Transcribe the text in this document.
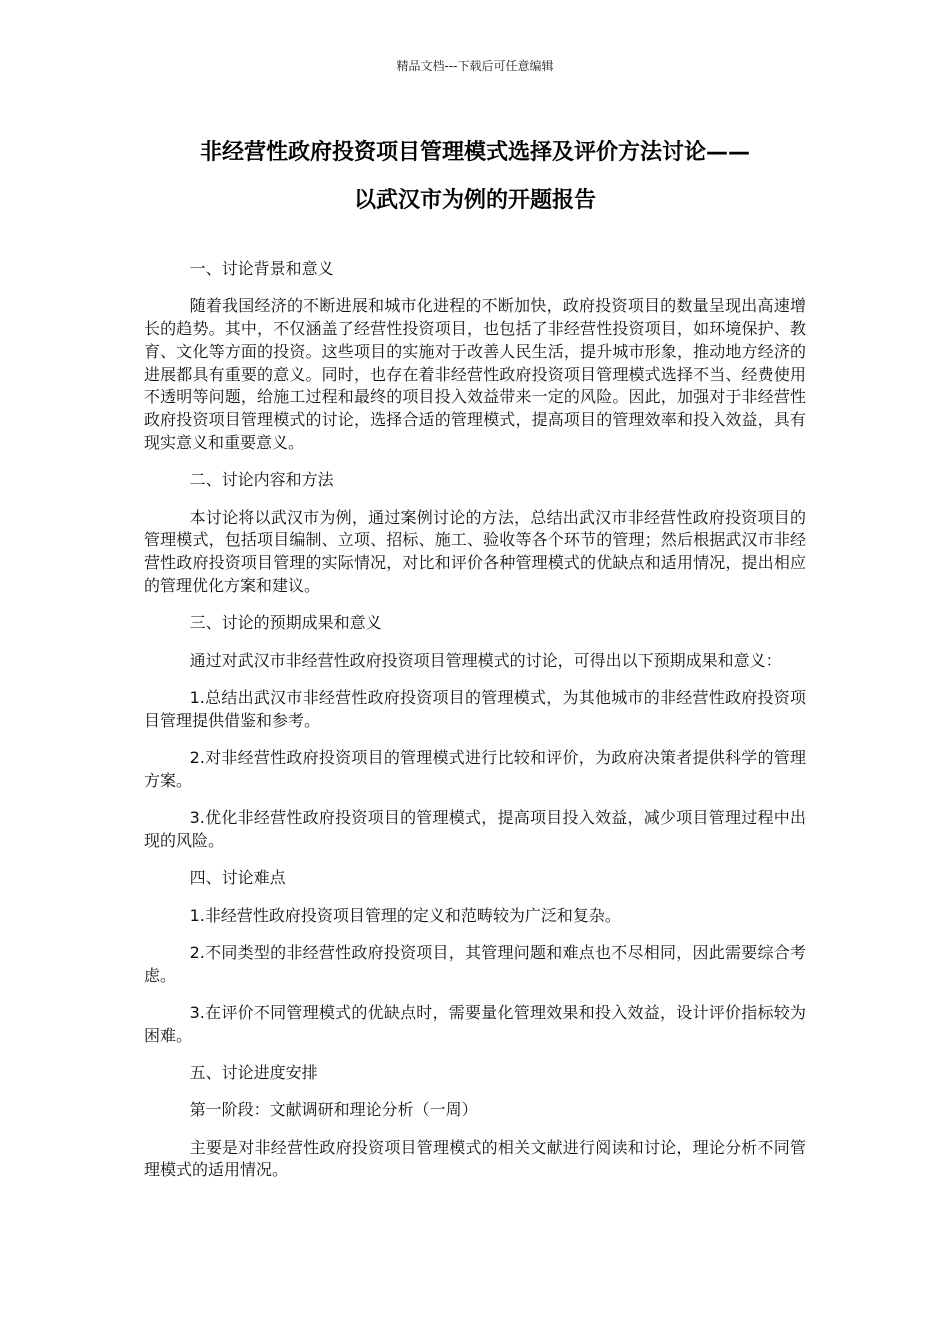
精品文档---下载后可任意编辑
非经营性政府投资项目管理模式选择及评价方法讨论——
以武汉市为例的开题报告

一、讨论背景和意义

随着我国经济的不断进展和城市化进程的不断加快，政府投资项目的数量呈现出高速增长的趋势。其中，不仅涵盖了经营性投资项目，也包括了非经营性投资项目，如环境保护、教育、文化等方面的投资。这些项目的实施对于改善人民生活，提升城市形象，推动地方经济的进展都具有重要的意义。同时，也存在着非经营性政府投资项目管理模式选择不当、经费使用不透明等问题，给施工过程和最终的项目投入效益带来一定的风险。因此，加强对于非经营性政府投资项目管理模式的讨论，选择合适的管理模式，提高项目的管理效率和投入效益，具有现实意义和重要意义。

二、讨论内容和方法

本讨论将以武汉市为例，通过案例讨论的方法，总结出武汉市非经营性政府投资项目的管理模式，包括项目编制、立项、招标、施工、验收等各个环节的管理；然后根据武汉市非经营性政府投资项目管理的实际情况，对比和评价各种管理模式的优缺点和适用情况，提出相应的管理优化方案和建议。

三、讨论的预期成果和意义

通过对武汉市非经营性政府投资项目管理模式的讨论，可得出以下预期成果和意义：

1.总结出武汉市非经营性政府投资项目的管理模式，为其他城市的非经营性政府投资项目管理提供借鉴和参考。

2.对非经营性政府投资项目的管理模式进行比较和评价，为政府决策者提供科学的管理方案。

3.优化非经营性政府投资项目的管理模式，提高项目投入效益，减少项目管理过程中出现的风险。

四、讨论难点

1.非经营性政府投资项目管理的定义和范畴较为广泛和复杂。

2.不同类型的非经营性政府投资项目，其管理问题和难点也不尽相同，因此需要综合考虑。

3.在评价不同管理模式的优缺点时，需要量化管理效果和投入效益，设计评价指标较为困难。

五、讨论进度安排

第一阶段：文献调研和理论分析（一周）

主要是对非经营性政府投资项目管理模式的相关文献进行阅读和讨论，理论分析不同管理模式的适用情况。
